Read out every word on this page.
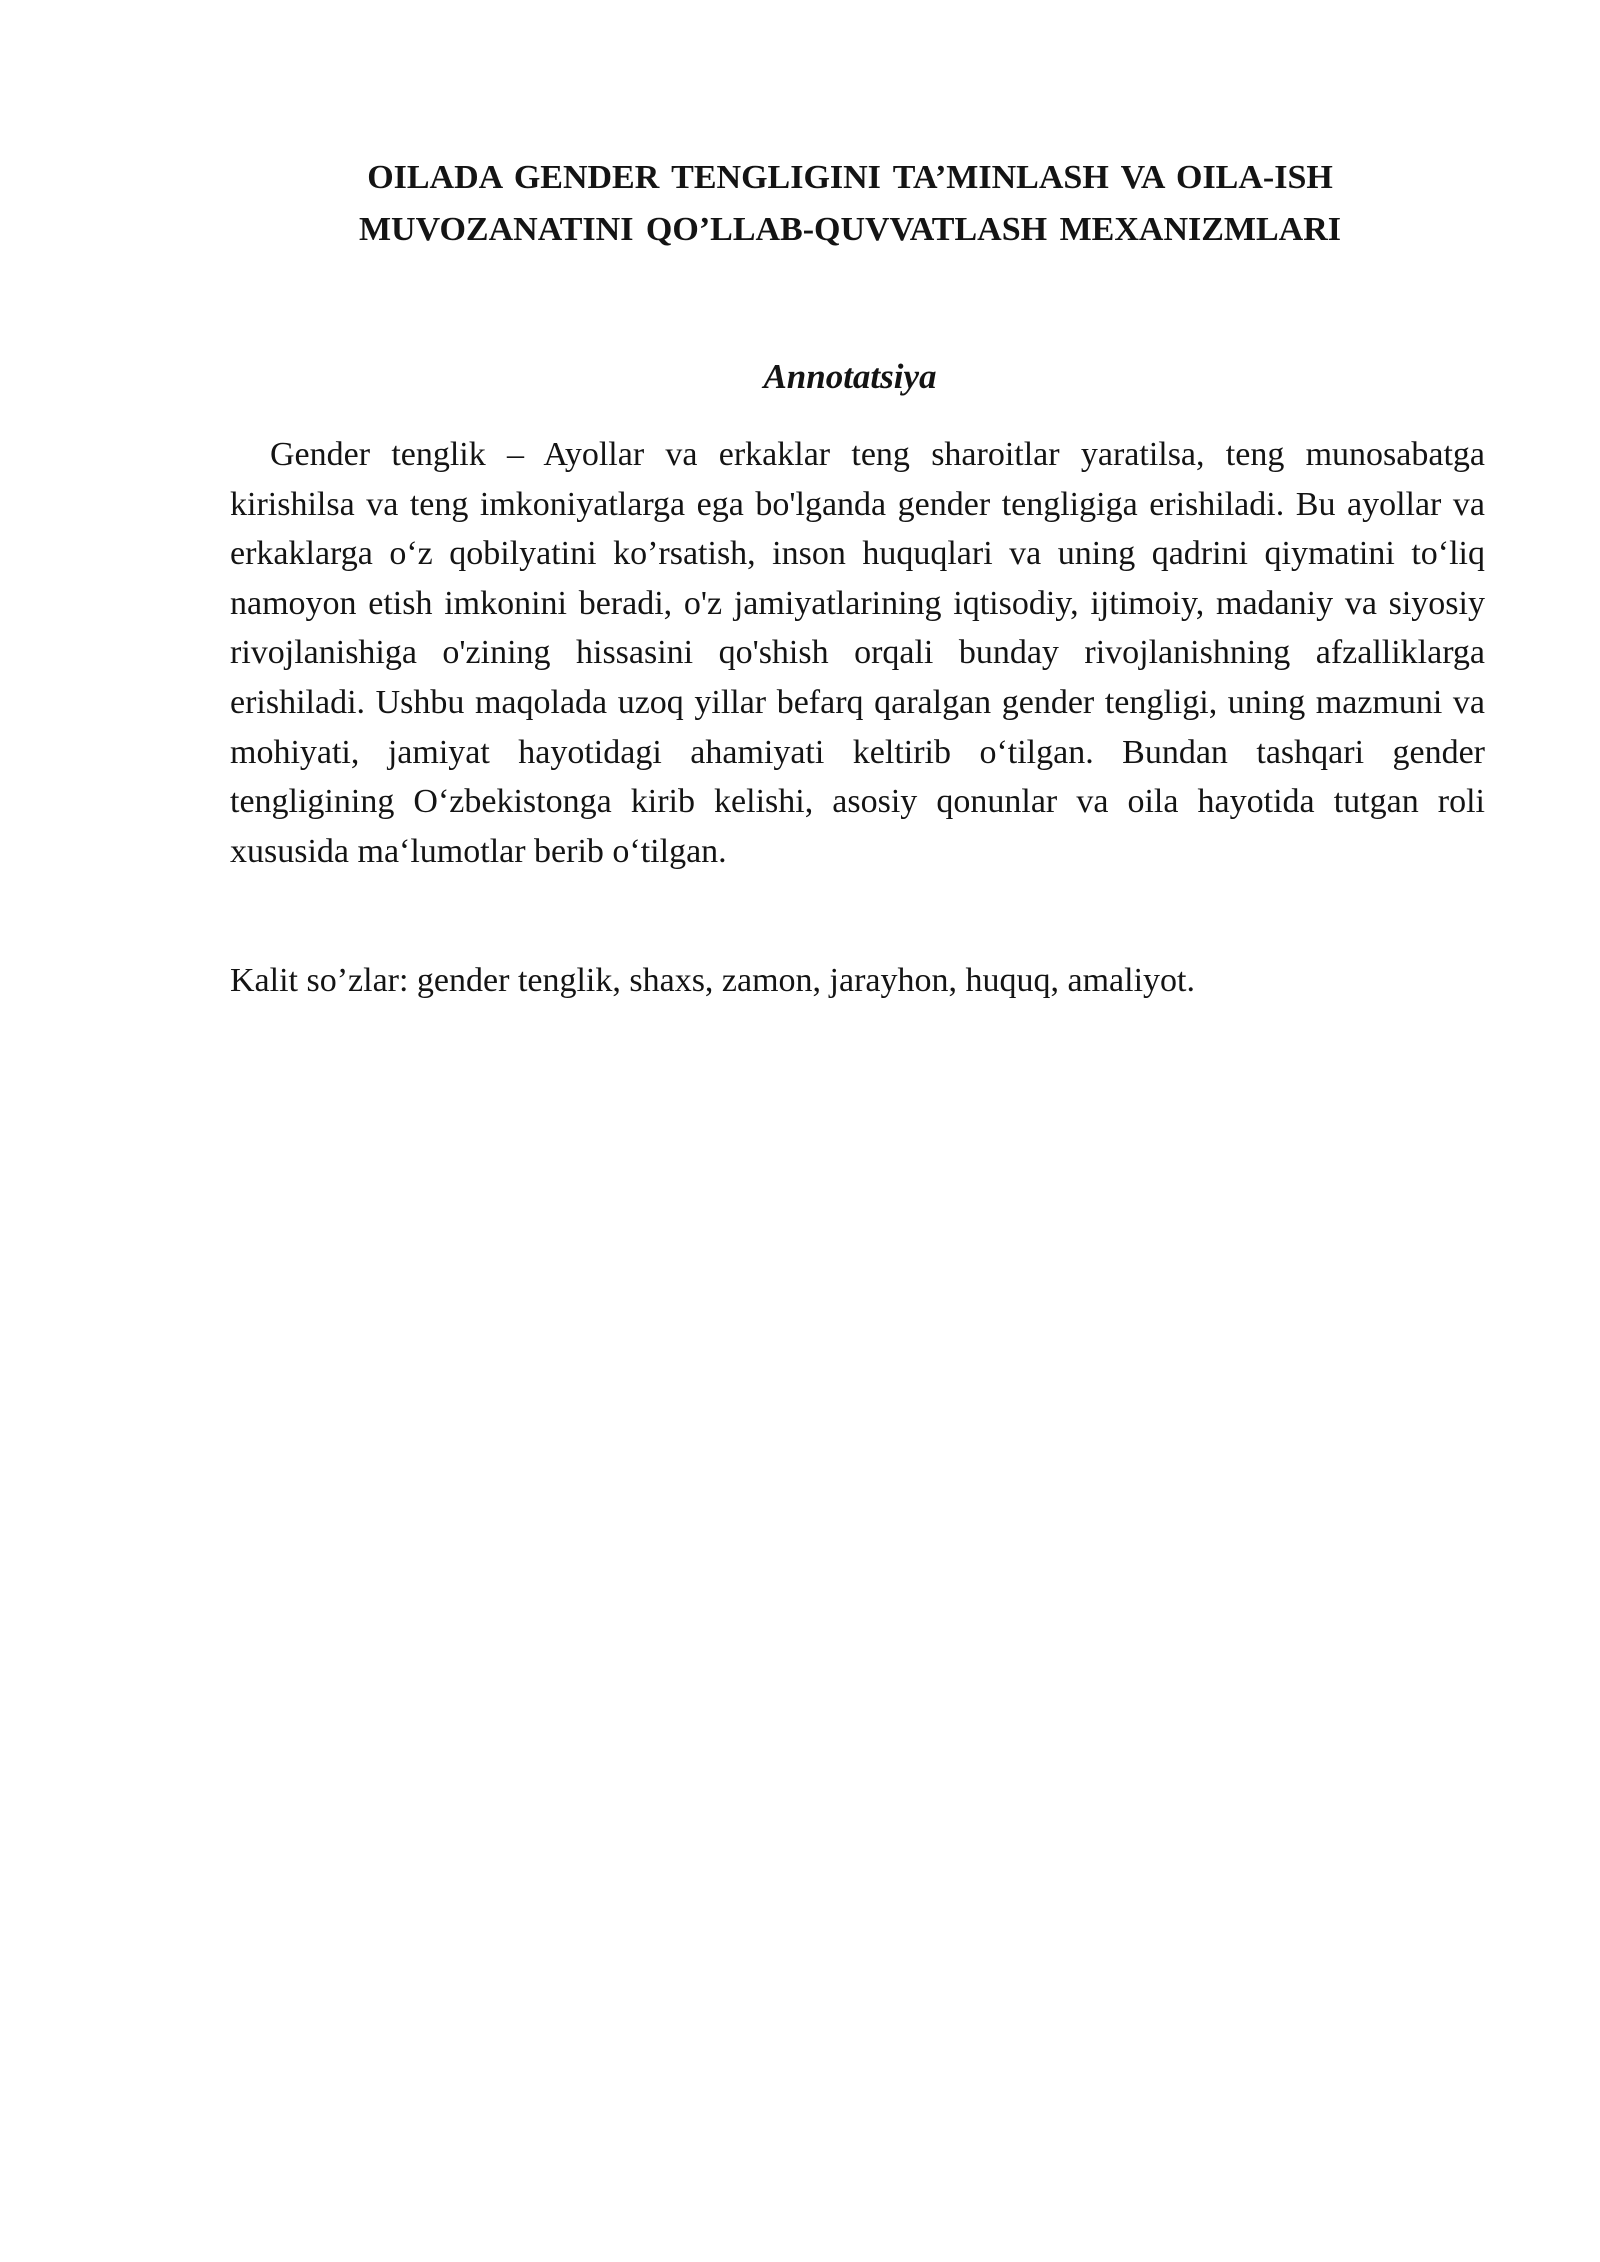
OILADA GENDER TENGLIGINI TA’MINLASH VA OILA-ISH
MUVOZANATINI QO’LLAB-QUVVATLASH MEXANIZMLARI
Annotatsiya

Gender tenglik – Ayollar va erkaklar teng sharoitlar yaratilsa, teng munosabatga kirishilsa va teng imkoniyatlarga ega bo'lganda gender tengligiga erishiladi. Bu ayollar va erkaklarga o‘z qobilyatini ko’rsatish, inson huquqlari va uning qadrini qiymatini to‘liq namoyon etish imkonini beradi, o'z jamiyatlarining iqtisodiy, ijtimoiy, madaniy va siyosiy rivojlanishiga o'zining hissasini qo'shish orqali bunday rivojlanishning afzalliklarga erishiladi. Ushbu maqolada uzoq yillar befarq qaralgan gender tengligi, uning mazmuni va mohiyati, jamiyat hayotidagi ahamiyati keltirib o‘tilgan. Bundan tashqari gender tengligining O‘zbekistonga kirib kelishi, asosiy qonunlar va oila hayotida tutgan roli xususida ma‘lumotlar berib o‘tilgan.

Kalit so’zlar: gender tenglik, shaxs, zamon, jarayhon, huquq, amaliyot.
